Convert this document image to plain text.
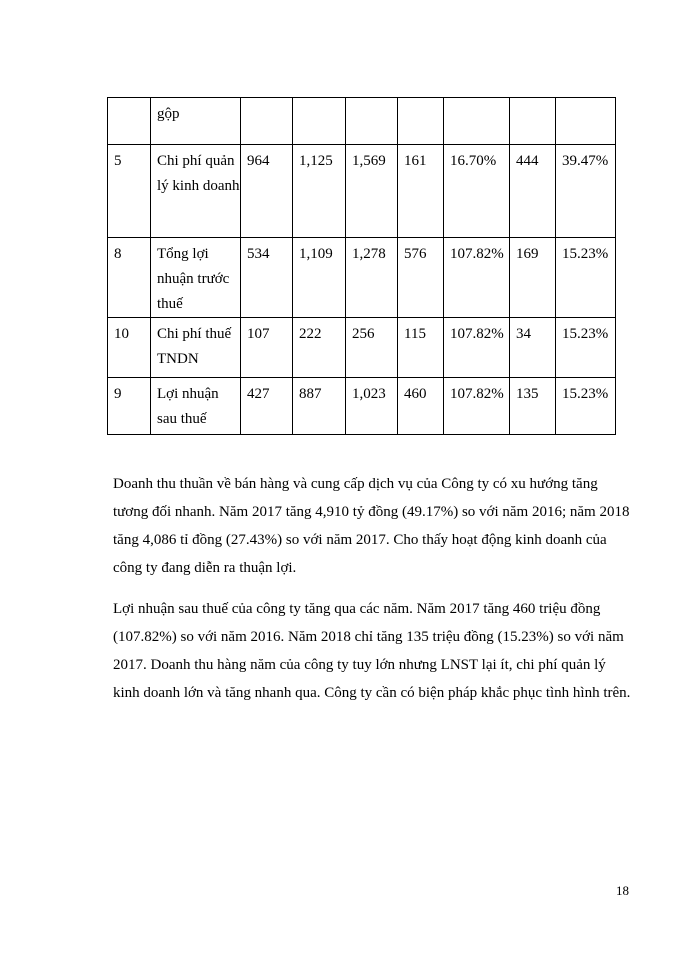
	gộp							

5	Chi phí quản lý kinh doanh	964	1,125	1,569	161	16.70%	444	39.47%

8	Tổng lợi nhuận trước thuế	534	1,109	1,278	576	107.82%	169	15.23%

10	Chi phí thuế TNDN	107	222	256	115	107.82%	34	15.23%

9	Lợi nhuận sau thuế	427	887	1,023	460	107.82%	135	15.23%

Doanh thu thuần về bán hàng và cung cấp dịch vụ của Công ty có xu hướng tăng tương đối nhanh. Năm 2017 tăng 4,910 tỷ đồng (49.17%) so với năm 2016; năm 2018 tăng 4,086 tỉ đồng (27.43%) so với năm 2017. Cho thấy hoạt động kinh doanh của công ty đang diễn ra thuận lợi.

Lợi nhuận sau thuế của công ty tăng qua các năm. Năm 2017 tăng 460 triệu đồng (107.82%) so với năm 2016. Năm 2018 chỉ tăng 135 triệu đồng (15.23%) so với năm 2017. Doanh thu hàng năm của công ty tuy lớn nhưng LNST lại ít, chi phí quản lý kinh doanh lớn và tăng nhanh qua. Công ty cần có biện pháp khắc phục tình hình trên.

18
